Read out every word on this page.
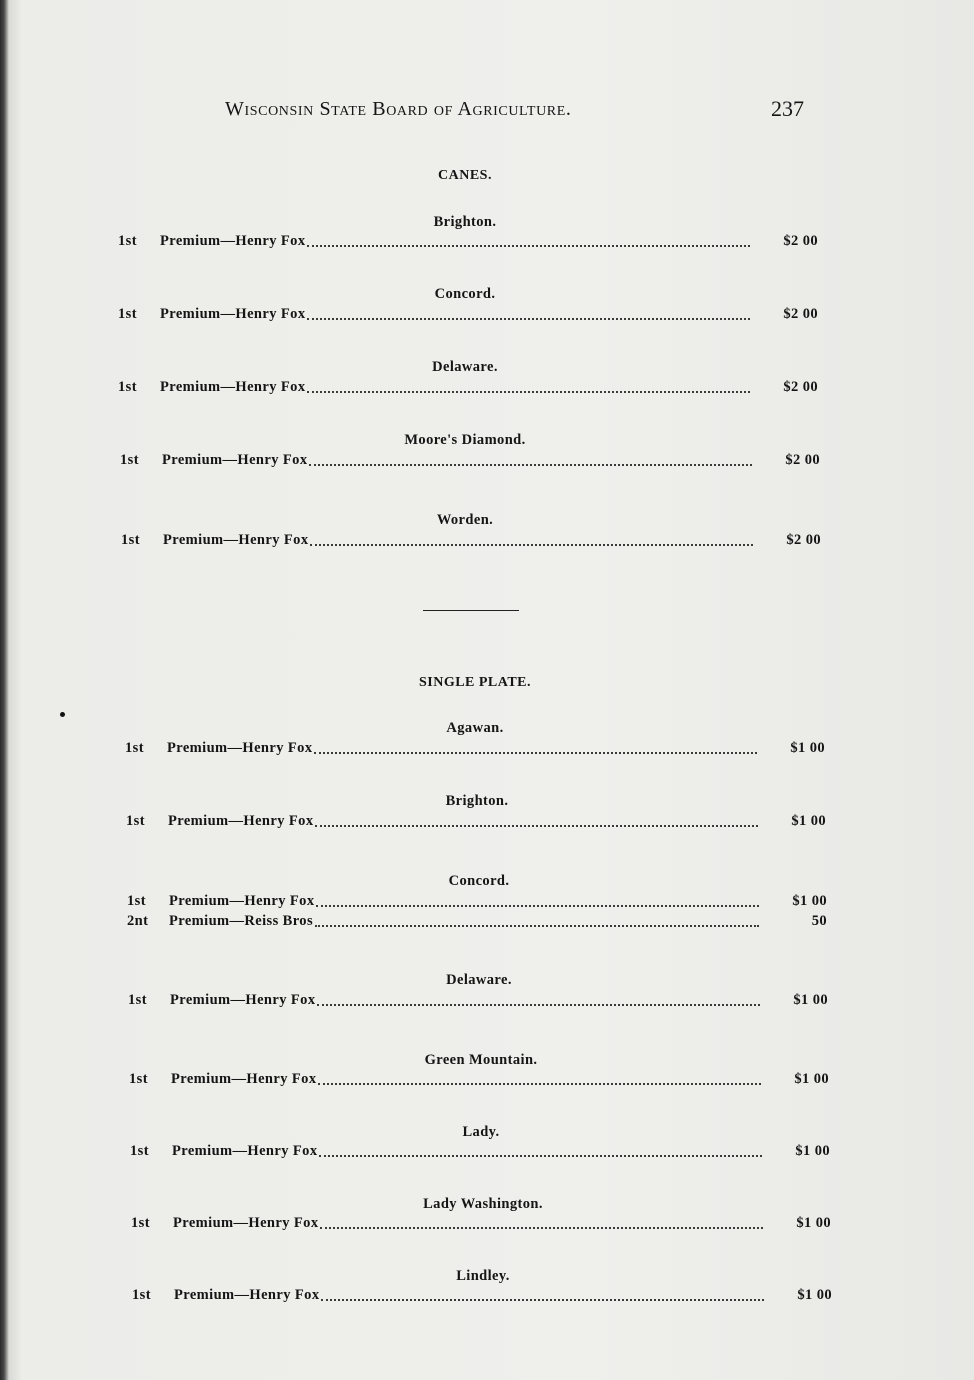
Wisconsin State Board of Agriculture.	237
CANES.
Brighton.
1st	Premium—Henry Fox	$2 00
Concord.
1st	Premium—Henry Fox	$2 00
Delaware.
1st	Premium—Henry Fox	$2 00
Moore's Diamond.
1st	Premium—Henry Fox	$2 00
Worden.
1st	Premium—Henry Fox	$2 00
SINGLE PLATE.
Agawan.
1st	Premium—Henry Fox	$1 00
Brighton.
1st	Premium—Henry Fox	$1 00
Concord.
1st	Premium—Henry Fox	$1 00
2nt	Premium—Reiss Bros	50
Delaware.
1st	Premium—Henry Fox	$1 00
Green Mountain.
1st	Premium—Henry Fox	$1 00
Lady.
1st	Premium—Henry Fox	$1 00
Lady Washington.
1st	Premium—Henry Fox	$1 00
Lindley.
1st	Premium—Henry Fox	$1 00
